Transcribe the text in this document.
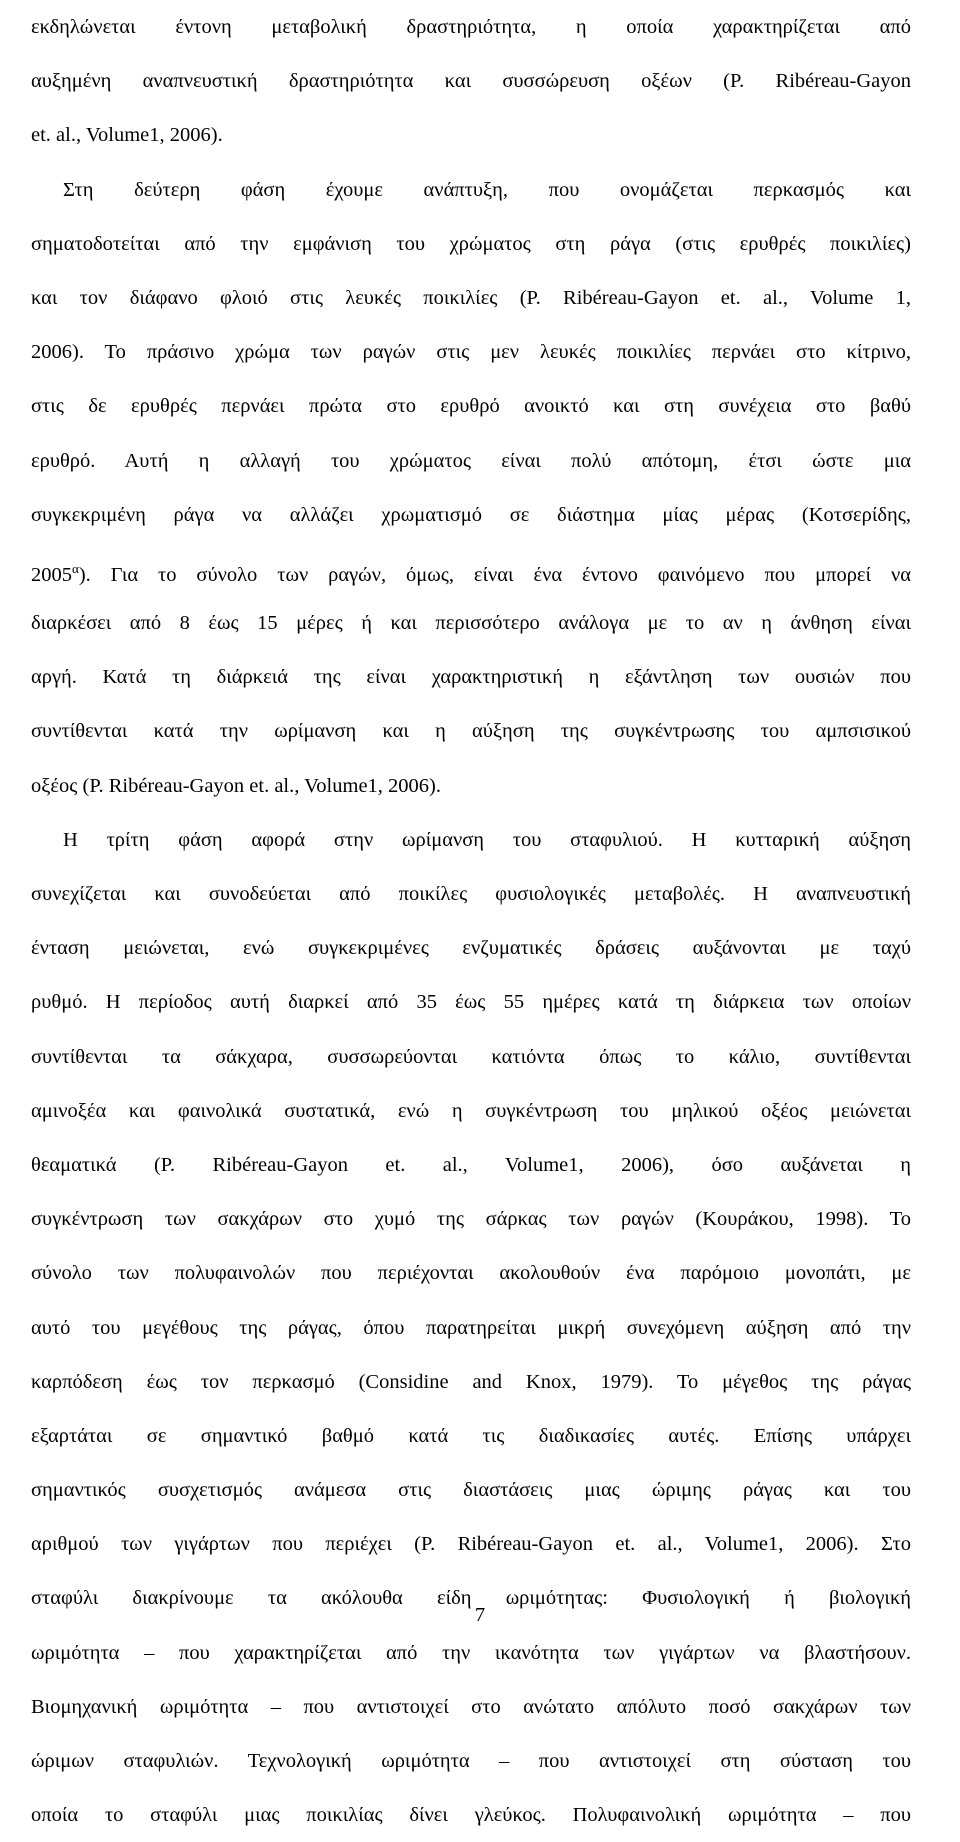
εκδηλώνεται έντονη μεταβολική δραστηριότητα, η οποία χαρακτηρίζεται από
αυξημένη αναπνευστική δραστηριότητα και συσσώρευση οξέων (P. Ribéreau-Gayon
et. al., Volume1, 2006).
Στη δεύτερη φάση έχουμε ανάπτυξη, που ονομάζεται περκασμός και
σηματοδοτείται από την εμφάνιση του χρώματος στη ράγα (στις ερυθρές ποικιλίες)
και τον διάφανο φλοιό στις λευκές ποικιλίες (P. Ribéreau-Gayon et. al., Volume 1,
2006). Το πράσινο χρώμα των ραγών στις μεν λευκές ποικιλίες περνάει στο κίτρινο,
στις δε ερυθρές περνάει πρώτα στο ερυθρό ανοικτό και στη συνέχεια στο βαθύ
ερυθρό. Αυτή η αλλαγή του χρώματος είναι πολύ απότομη, έτσι ώστε μια
συγκεκριμένη ράγα να αλλάζει χρωματισμό σε διάστημα μίας μέρας (Κοτσερίδης,
$2005^\alpha$). Για το σύνολο των ραγών, όμως, είναι ένα έντονο φαινόμενο που μπορεί να
διαρκέσει από 8 έως 15 μέρες ή και περισσότερο ανάλογα με το αν η άνθηση είναι
αργή. Κατά τη διάρκειά της είναι χαρακτηριστική η εξάντληση των ουσιών που
συντίθενται κατά την ωρίμανση και η αύξηση της συγκέντρωσης του αμπσισικού
οξέος (P. Ribéreau-Gayon et. al., Volume1, 2006).
Η τρίτη φάση αφορά στην ωρίμανση του σταφυλιού. Η κυτταρική αύξηση
συνεχίζεται και συνοδεύεται από ποικίλες φυσιολογικές μεταβολές. Η αναπνευστική
ένταση μειώνεται, ενώ συγκεκριμένες ενζυματικές δράσεις αυξάνονται με ταχύ
ρυθμό. Η περίοδος αυτή διαρκεί από 35 έως 55 ημέρες κατά τη διάρκεια των οποίων
συντίθενται τα σάκχαρα, συσσωρεύονται κατιόντα όπως το κάλιο, συντίθενται
αμινοξέα και φαινολικά συστατικά, ενώ η συγκέντρωση του μηλικού οξέος μειώνεται
θεαματικά (P. Ribéreau-Gayon et. al., Volume1, 2006), όσο αυξάνεται η
συγκέντρωση των σακχάρων στο χυμό της σάρκας των ραγών (Κουράκου, 1998). Το
σύνολο των πολυφαινολών που περιέχονται ακολουθούν ένα παρόμοιο μονοπάτι, με
αυτό του μεγέθους της ράγας, όπου παρατηρείται μικρή συνεχόμενη αύξηση από την
καρπόδεση έως τον περκασμό (Considine and Knox, 1979). Το μέγεθος της ράγας
εξαρτάται σε σημαντικό βαθμό κατά τις διαδικασίες αυτές. Επίσης υπάρχει
σημαντικός συσχετισμός ανάμεσα στις διαστάσεις μιας ώριμης ράγας και του
αριθμού των γιγάρτων που περιέχει (P. Ribéreau-Gayon et. al., Volume1, 2006). Στο
σταφύλι διακρίνουμε τα ακόλουθα είδη ωριμότητας: Φυσιολογική ή βιολογική
ωριμότητα – που χαρακτηρίζεται από την ικανότητα των γιγάρτων να βλαστήσουν.
Βιομηχανική ωριμότητα – που αντιστοιχεί στο ανώτατο απόλυτο ποσό σακχάρων των
ώριμων σταφυλιών. Τεχνολογική ωριμότητα – που αντιστοιχεί στη σύσταση του
οποία το σταφύλι μιας ποικιλίας δίνει γλεύκος. Πολυφαινολική ωριμότητα – που
7
